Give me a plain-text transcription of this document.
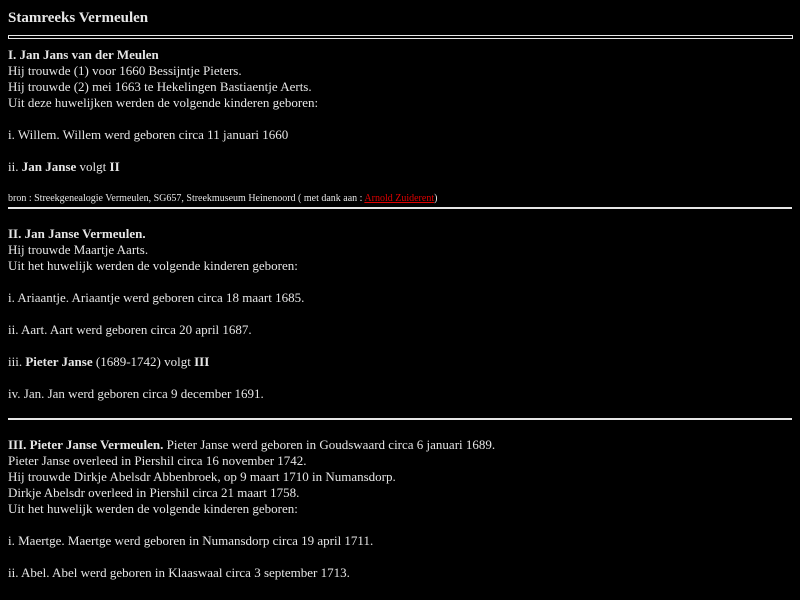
Stamreeks Vermeulen
I. Jan Jans van der Meulen
Hij trouwde (1) voor 1660 Bessijntje Pieters.
Hij trouwde (2) mei 1663 te Hekelingen Bastiaentje Aerts.
Uit deze huwelijken werden de volgende kinderen geboren:
i. Willem. Willem werd geboren circa 11 januari 1660
ii. Jan Janse volgt II
bron : Streekgenealogie Vermeulen, SG657, Streekmuseum Heinenoord ( met dank aan : Arnold Zuiderent)
II. Jan Janse Vermeulen.
Hij trouwde Maartje Aarts.
Uit het huwelijk werden de volgende kinderen geboren:
i. Ariaantje. Ariaantje werd geboren circa 18 maart 1685.
ii. Aart. Aart werd geboren circa 20 april 1687.
iii. Pieter Janse (1689-1742) volgt III
iv. Jan. Jan werd geboren circa 9 december 1691.
III. Pieter Janse Vermeulen. Pieter Janse werd geboren in Goudswaard circa 6 januari 1689.
Pieter Janse overleed in Piershil circa 16 november 1742.
Hij trouwde Dirkje Abelsdr Abbenbroek, op 9 maart 1710 in Numansdorp.
Dirkje Abelsdr overleed in Piershil circa 21 maart 1758.
Uit het huwelijk werden de volgende kinderen geboren:
i. Maertge. Maertge werd geboren in Numansdorp circa 19 april 1711.
ii. Abel. Abel werd geboren in Klaaswaal circa 3 september 1713.
